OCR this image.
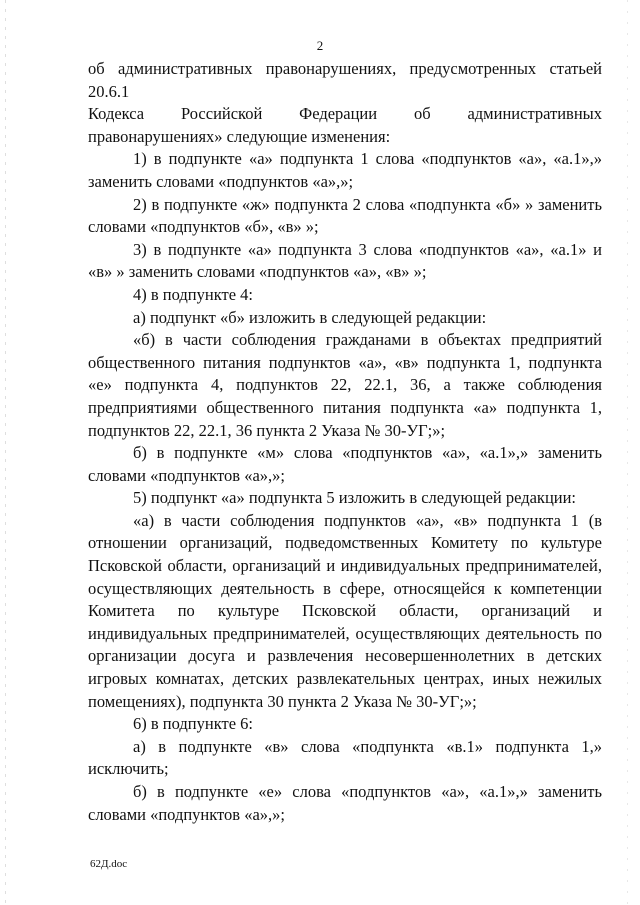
2

об административных правонарушениях, предусмотренных статьей 20.6.1
Кодекса Российской Федерации об административных
правонарушениях» следующие изменения:

1) в подпункте «а» подпункта 1 слова «подпунктов «а», «а.1»,» заменить словами «подпунктов «а»,»;

2) в подпункте «ж» подпункта 2 слова «подпункта «б» » заменить словами «подпунктов «б», «в» »;

3) в подпункте «а» подпункта 3 слова «подпунктов «а», «а.1» и «в» » заменить словами «подпунктов «а», «в» »;

4) в подпункте 4:

а) подпункт «б» изложить в следующей редакции:

«б) в части соблюдения гражданами в объектах предприятий общественного питания подпунктов «а», «в» подпункта 1, подпункта «е» подпункта 4, подпунктов 22, 22.1, 36, а также соблюдения предприятиями общественного питания подпункта «а» подпункта 1, подпунктов 22, 22.1, 36 пункта 2 Указа № 30-УГ;»;

б) в подпункте «м» слова «подпунктов «а», «а.1»,» заменить словами «подпунктов «а»,»;

5) подпункт «а» подпункта 5 изложить в следующей редакции:

«а) в части соблюдения подпунктов «а», «в» подпункта 1 (в отношении организаций, подведомственных Комитету по культуре Псковской области, организаций и индивидуальных предпринимателей, осуществляющих деятельность в сфере, относящейся к компетенции Комитета по культуре Псковской области, организаций и индивидуальных предпринимателей, осуществляющих деятельность по организации досуга и развлечения несовершеннолетних в детских игровых комнатах, детских развлекательных центрах, иных нежилых помещениях), подпункта 30 пункта 2 Указа № 30-УГ;»;

6) в подпункте 6:

а) в подпункте «в» слова «подпункта «в.1» подпункта 1,» исключить;

б) в подпункте «е» слова «подпунктов «а», «а.1»,» заменить словами «подпунктов «а»,»;

62Д.doc
